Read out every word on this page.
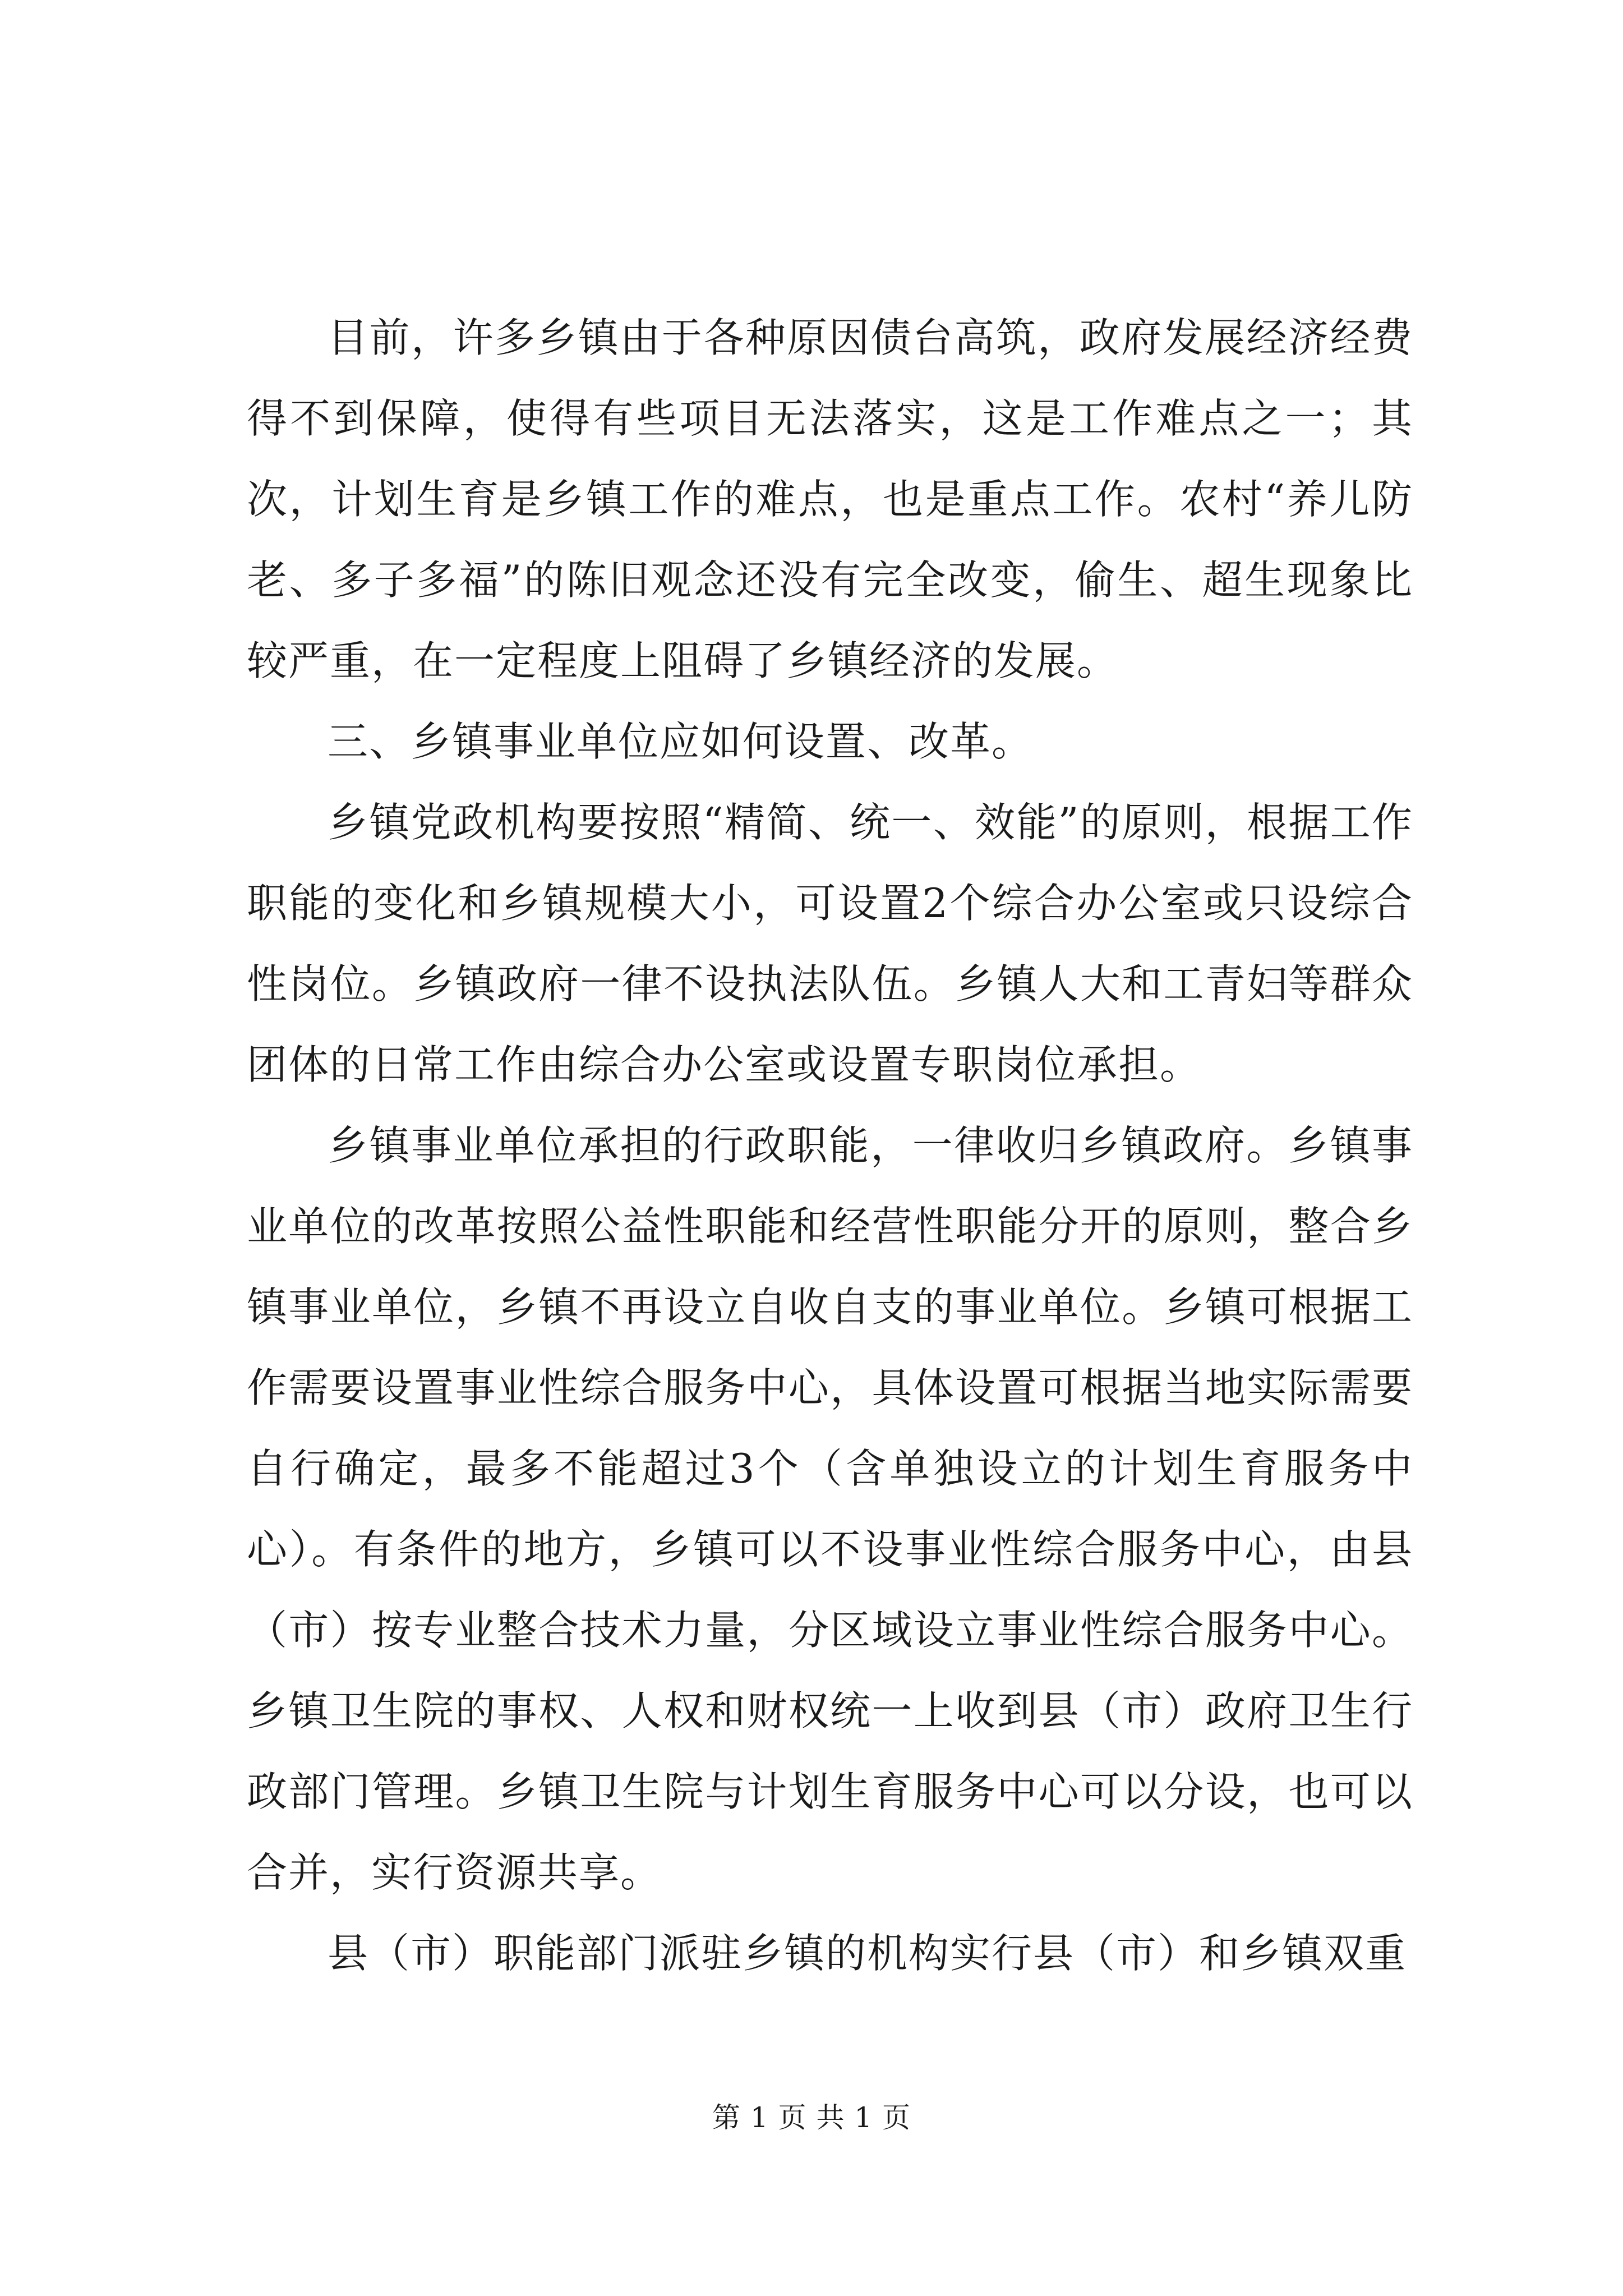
目前，许多乡镇由于各种原因债台高筑，政府发展经济经费得不到保障，使得有些项目无法落实，这是工作难点之一；其次，计划生育是乡镇工作的难点，也是重点工作。农村“养儿防老、多子多福”的陈旧观念还没有完全改变，偷生、超生现象比较严重，在一定程度上阻碍了乡镇经济的发展。

三、乡镇事业单位应如何设置、改革。

乡镇党政机构要按照“精简、统一、效能”的原则，根据工作职能的变化和乡镇规模大小，可设置2个综合办公室或只设综合性岗位。乡镇政府一律不设执法队伍。乡镇人大和工青妇等群众团体的日常工作由综合办公室或设置专职岗位承担。

乡镇事业单位承担的行政职能，一律收归乡镇政府。乡镇事业单位的改革按照公益性职能和经营性职能分开的原则，整合乡镇事业单位，乡镇不再设立自收自支的事业单位。乡镇可根据工作需要设置事业性综合服务中心，具体设置可根据当地实际需要自行确定，最多不能超过3个（含单独设立的计划生育服务中心）。有条件的地方，乡镇可以不设事业性综合服务中心，由县（市）按专业整合技术力量，分区域设立事业性综合服务中心。乡镇卫生院的事权、人权和财权统一上收到县（市）政府卫生行政部门管理。乡镇卫生院与计划生育服务中心可以分设，也可以合并，实行资源共享。

县（市）职能部门派驻乡镇的机构实行县（市）和乡镇双重

第 1 页 共 1 页
